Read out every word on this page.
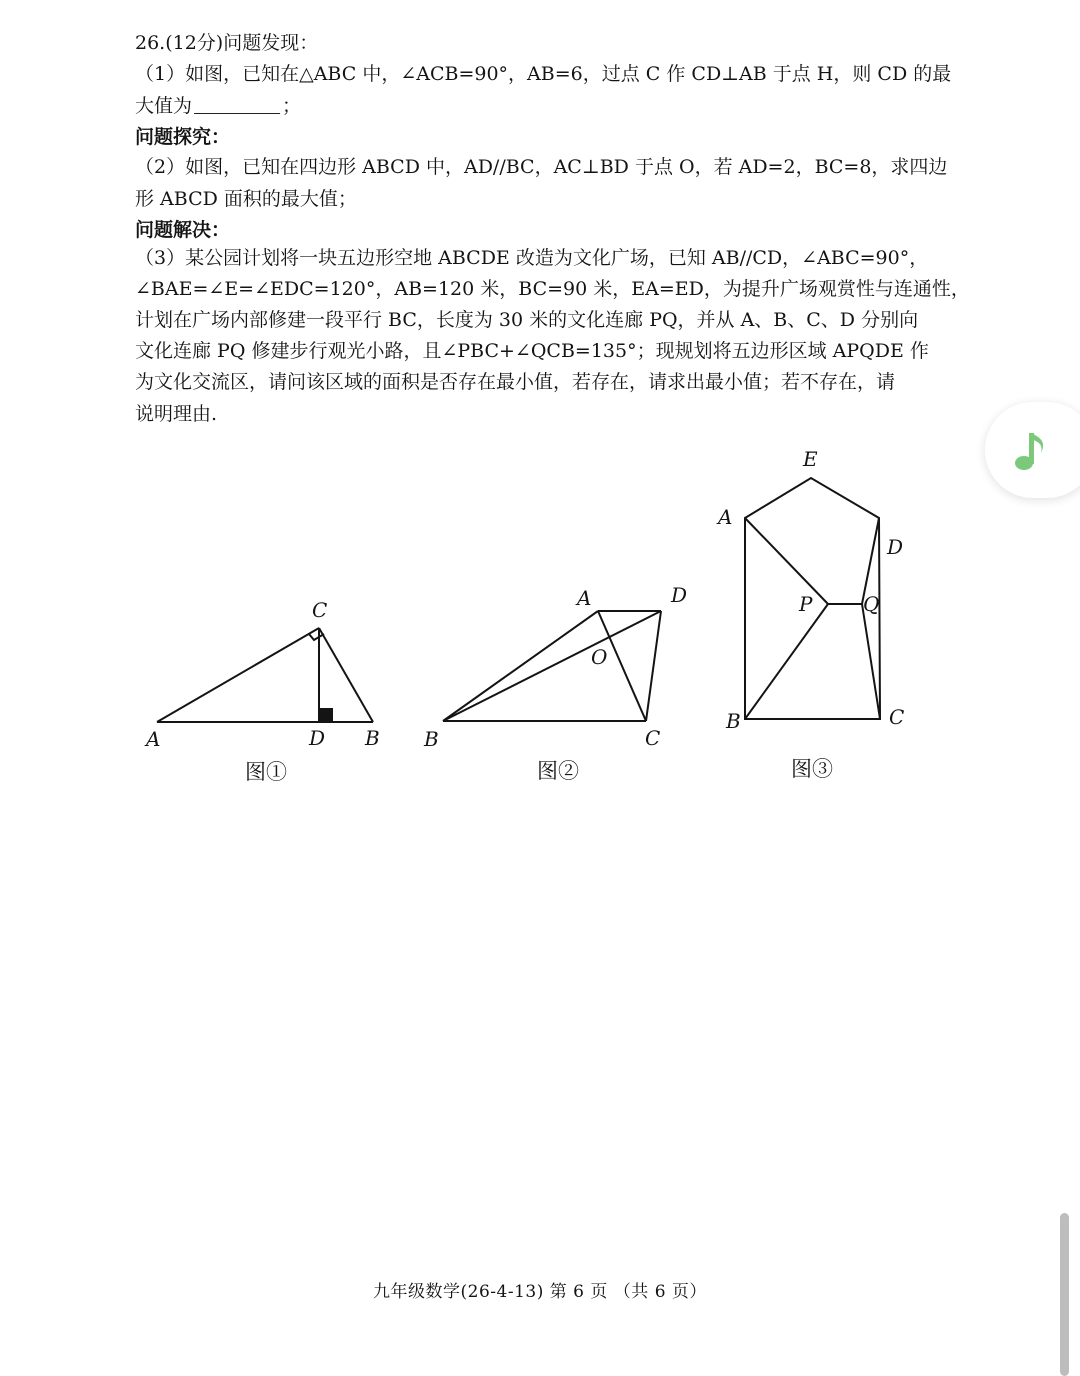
26.(12分)问题发现：
（1）如图，已知在△ABC 中，∠ACB=90°，AB=6，过点 C 作 CD⊥AB 于点 H，则 CD 的最
大值为	；
问题探究：
（2）如图，已知在四边形 ABCD 中，AD//BC，AC⊥BD 于点 O，若 AD=2，BC=8，求四边
形 ABCD 面积的最大值；
问题解决：
（3）某公园计划将一块五边形空地 ABCDE 改造为文化广场，已知 AB//CD，∠ABC=90°，
∠BAE=∠E=∠EDC=120°，AB=120 米，BC=90 米，EA=ED，为提升广场观赏性与连通性，
计划在广场内部修建一段平行 BC，长度为 30 米的文化连廊 PQ，并从 A、B、C、D 分别向
文化连廊 PQ 修建步行观光小路，且∠PBC+∠QCB=135°；现规划将五边形区域 APQDE 作
为文化交流区，请问该区域的面积是否存在最小值，若存在，请求出最小值；若不存在，请
说明理由.
A	D B
C	A	D
O
B	C
E
A
D
P	Q
B	C
图①	图②	图③
九年级数学(26-4-13) 第 6 页 （共 6 页）
